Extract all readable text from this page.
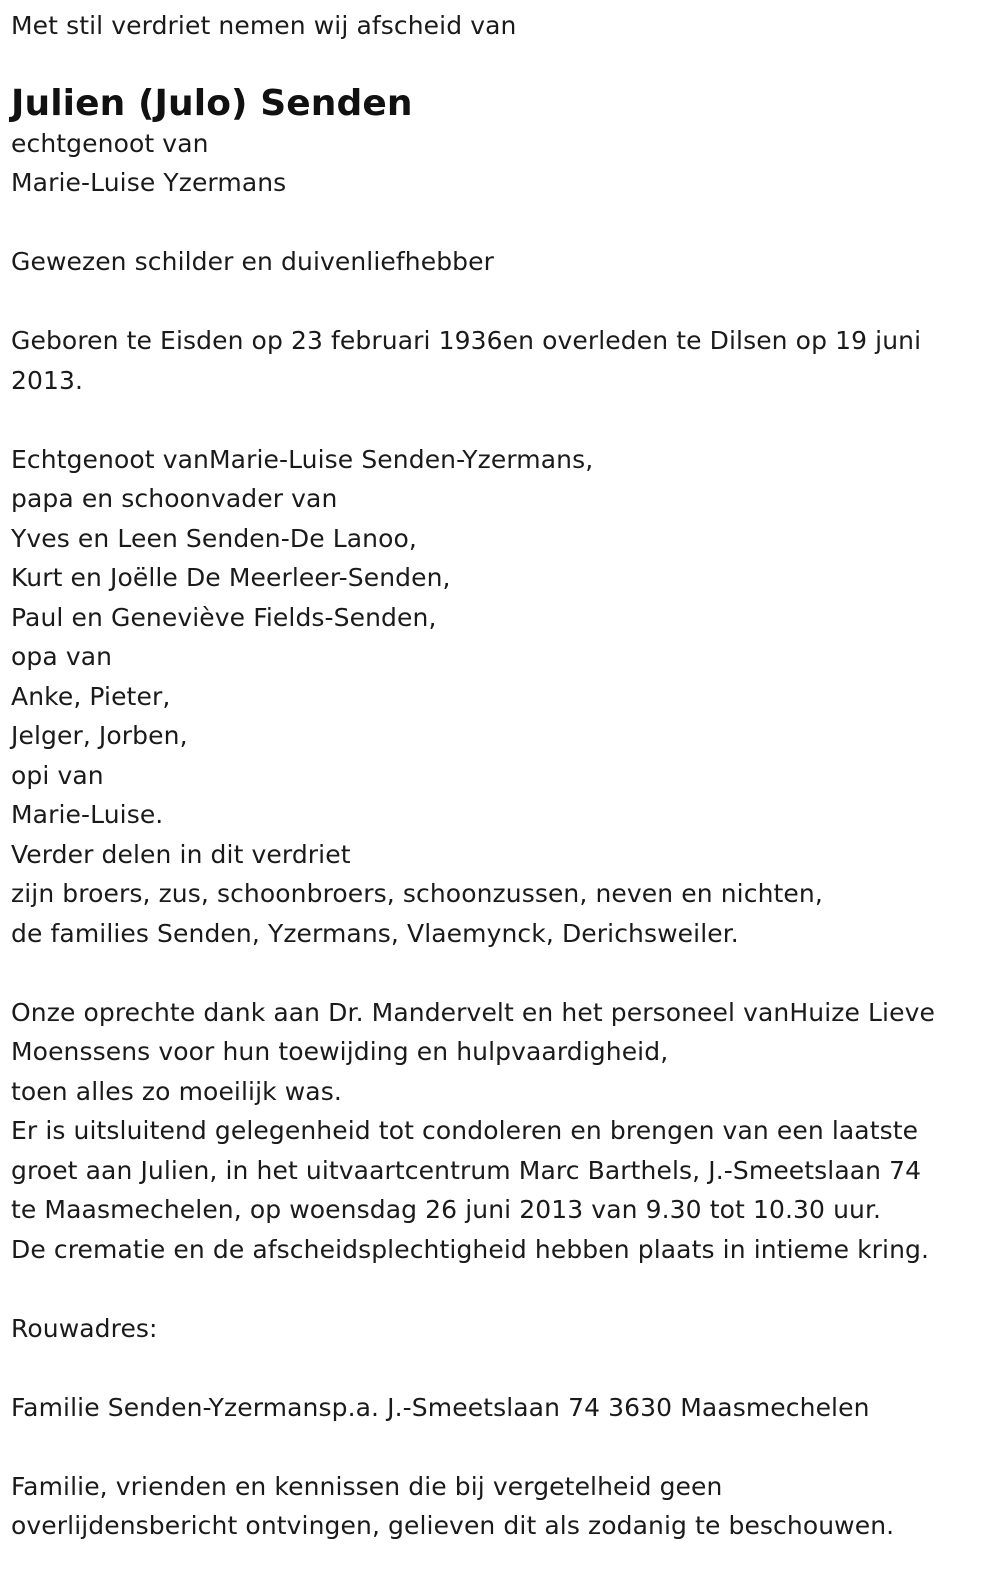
Met stil verdriet nemen wij afscheid van
Julien (Julo) Senden
echtgenoot van
Marie-Luise Yzermans
Gewezen schilder en duivenliefhebber
Geboren te Eisden op 23 februari 1936en overleden te Dilsen op 19 juni
2013.
Echtgenoot vanMarie-Luise Senden-Yzermans,
papa en schoonvader van
Yves en Leen Senden-De Lanoo,
Kurt en Joëlle De Meerleer-Senden,
Paul en Geneviève Fields-Senden,
opa van
Anke, Pieter,
Jelger, Jorben,
opi van
Marie-Luise.
Verder delen in dit verdriet
zijn broers, zus, schoonbroers, schoonzussen, neven en nichten,
de families Senden, Yzermans, Vlaemynck, Derichsweiler.
Onze oprechte dank aan Dr. Mandervelt en het personeel vanHuize Lieve
Moenssens voor hun toewijding en hulpvaardigheid,
toen alles zo moeilijk was.
Er is uitsluitend gelegenheid tot condoleren en brengen van een laatste
groet aan Julien, in het uitvaartcentrum Marc Barthels, J.-Smeetslaan 74
te Maasmechelen, op woensdag 26 juni 2013 van 9.30 tot 10.30 uur.
De crematie en de afscheidsplechtigheid hebben plaats in intieme kring.
Rouwadres:
Familie Senden-Yzermansp.a. J.-Smeetslaan 74 3630 Maasmechelen
Familie, vrienden en kennissen die bij vergetelheid geen
overlijdensbericht ontvingen, gelieven dit als zodanig te beschouwen.
